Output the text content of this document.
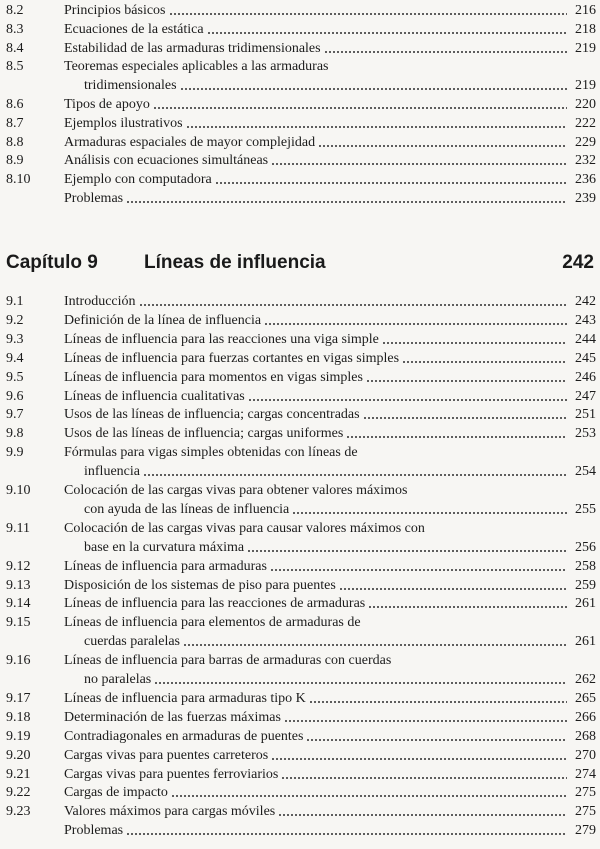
8.2	Principios básicos	216
8.3	Ecuaciones de la estática	218
8.4	Estabilidad de las armaduras tridimensionales	219
8.5	Teoremas especiales aplicables a las armaduras
tridimensionales	219
8.6	Tipos de apoyo	220
8.7	Ejemplos ilustrativos	222
8.8	Armaduras espaciales de mayor complejidad	229
8.9	Análisis con ecuaciones simultáneas	232
8.10	Ejemplo con computadora	236
Problemas	239
Capítulo 9 Líneas de influencia	242
9.1	Introducción	242
9.2	Definición de la línea de influencia	243
9.3	Líneas de influencia para las reacciones una viga simple	244
9.4	Líneas de influencia para fuerzas cortantes en vigas simples	245
9.5	Líneas de influencia para momentos en vigas simples	246
9.6	Líneas de influencia cualitativas	247
9.7	Usos de las líneas de influencia; cargas concentradas	251
9.8	Usos de las líneas de influencia; cargas uniformes	253
9.9	Fórmulas para vigas simples obtenidas con líneas de
influencia	254
9.10	Colocación de las cargas vivas para obtener valores máximos
con ayuda de las líneas de influencia	255
9.11	Colocación de las cargas vivas para causar valores máximos con
base en la curvatura máxima	256
9.12	Líneas de influencia para armaduras	258
9.13	Disposición de los sistemas de piso para puentes	259
9.14	Líneas de influencia para las reacciones de armaduras	261
9.15	Líneas de influencia para elementos de armaduras de
cuerdas paralelas	261
9.16	Líneas de influencia para barras de armaduras con cuerdas
no paralelas	262
9.17	Líneas de influencia para armaduras tipo K	265
9.18	Determinación de las fuerzas máximas	266
9.19	Contradiagonales en armaduras de puentes	268
9.20	Cargas vivas para puentes carreteros	270
9.21	Cargas vivas para puentes ferroviarios	274
9.22	Cargas de impacto	275
9.23	Valores máximos para cargas móviles	275
Problemas	279
